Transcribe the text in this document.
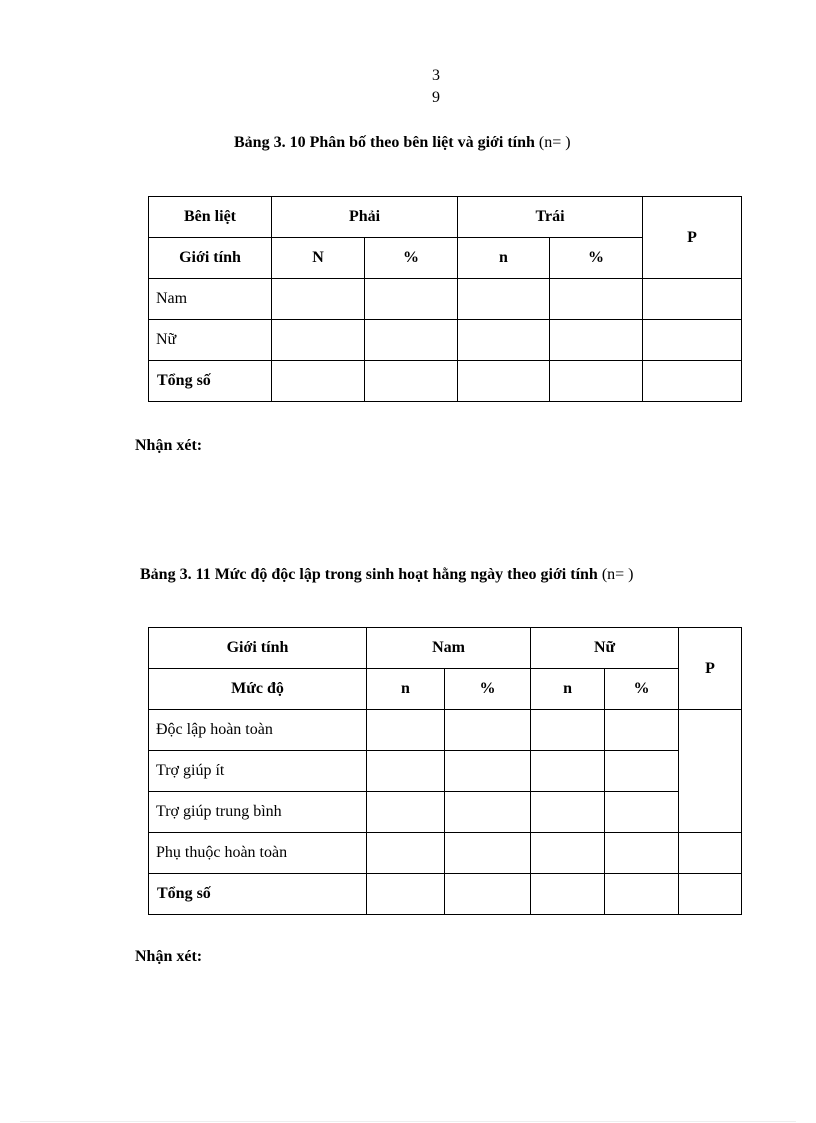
3
9
Bảng 3. 10 Phân bố theo bên liệt và giới tính (n= )
Bên liệt	Phải		Trái		P
Giới tính	N	%	n	%	
Nam					
Nữ					
Tổng số					
Nhận xét:
Bảng 3. 11 Mức độ độc lập trong sinh hoạt hằng ngày theo giới tính (n= )
Giới tính	Nam		Nữ		P
Mức độ	n	%	n	%	
Độc lập hoàn toàn					
Trợ giúp ít					
Trợ giúp trung bình					
Phụ thuộc hoàn toàn					
Tổng số					
Nhận xét:
